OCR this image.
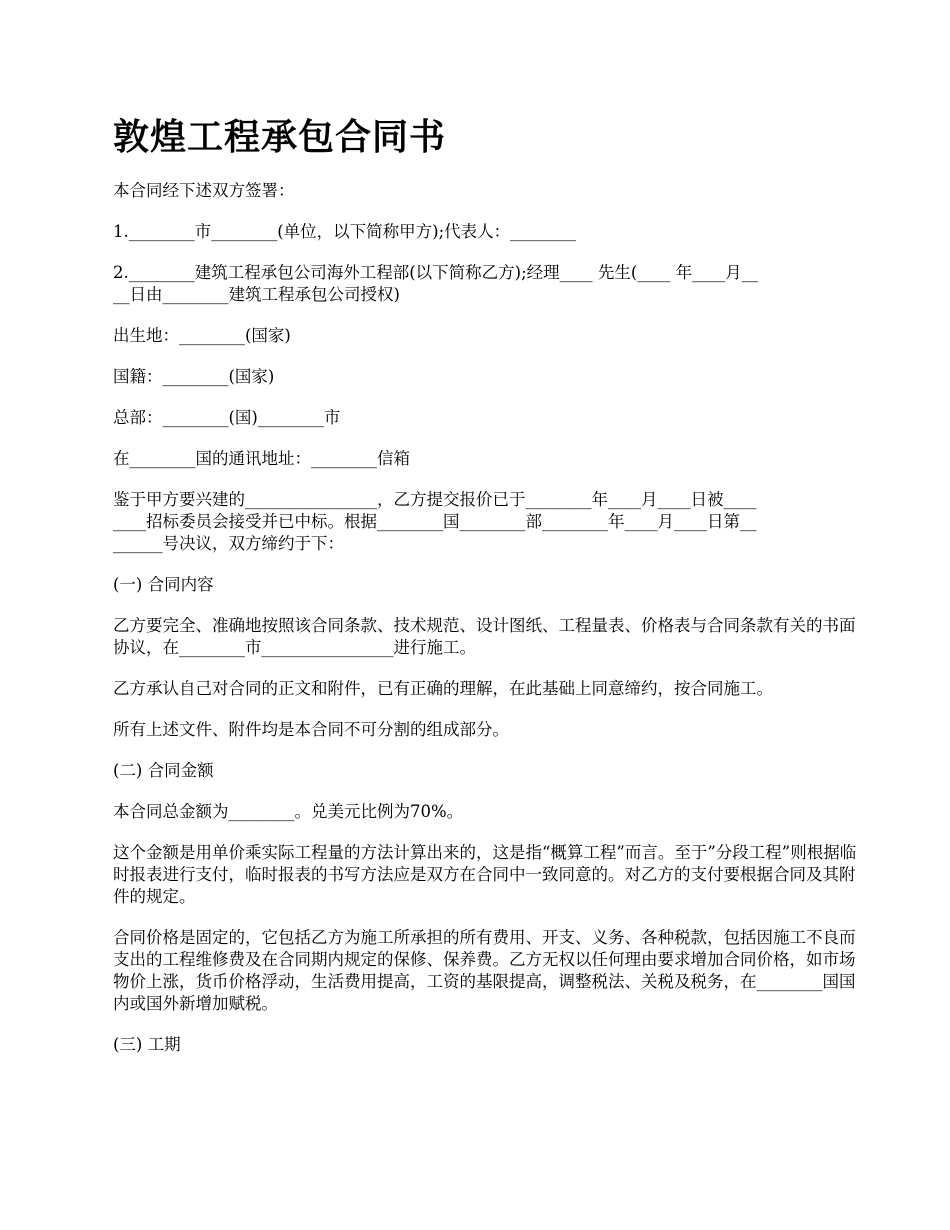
敦煌工程承包合同书

本合同经下述双方签署：

1.________市________(单位，以下简称甲方);代表人：________

2.________建筑工程承包公司海外工程部(以下简称乙方);经理____ 先生(____ 年____月__
__日由________建筑工程承包公司授权)

出生地：________(国家)

国籍：________(国家)

总部：________(国)________市

在________国的通讯地址：________信箱

鉴于甲方要兴建的________________，乙方提交报价已于________年____月____日被____
____招标委员会接受并已中标。根据________国________部________年____月____日第__
______号决议，双方缔约于下：

(一) 合同内容

乙方要完全、准确地按照该合同条款、技术规范、设计图纸、工程量表、价格表与合同条款有关的书面协议，在________市________________进行施工。

乙方承认自己对合同的正文和附件，已有正确的理解，在此基础上同意缔约，按合同施工。

所有上述文件、附件均是本合同不可分割的组成部分。

(二) 合同金额

本合同总金额为________。兑美元比例为70%。

这个金额是用单价乘实际工程量的方法计算出来的，这是指“概算工程”而言。至于”分段工程”则根据临时报表进行支付，临时报表的书写方法应是双方在合同中一致同意的。对乙方的支付要根据合同及其附件的规定。

合同价格是固定的，它包括乙方为施工所承担的所有费用、开支、义务、各种税款，包括因施工不良而支出的工程维修费及在合同期内规定的保修、保养费。乙方无权以任何理由要求增加合同价格，如市场物价上涨，货币价格浮动，生活费用提高，工资的基限提高，调整税法、关税及税务，在________国国内或国外新增加赋税。

(三) 工期
